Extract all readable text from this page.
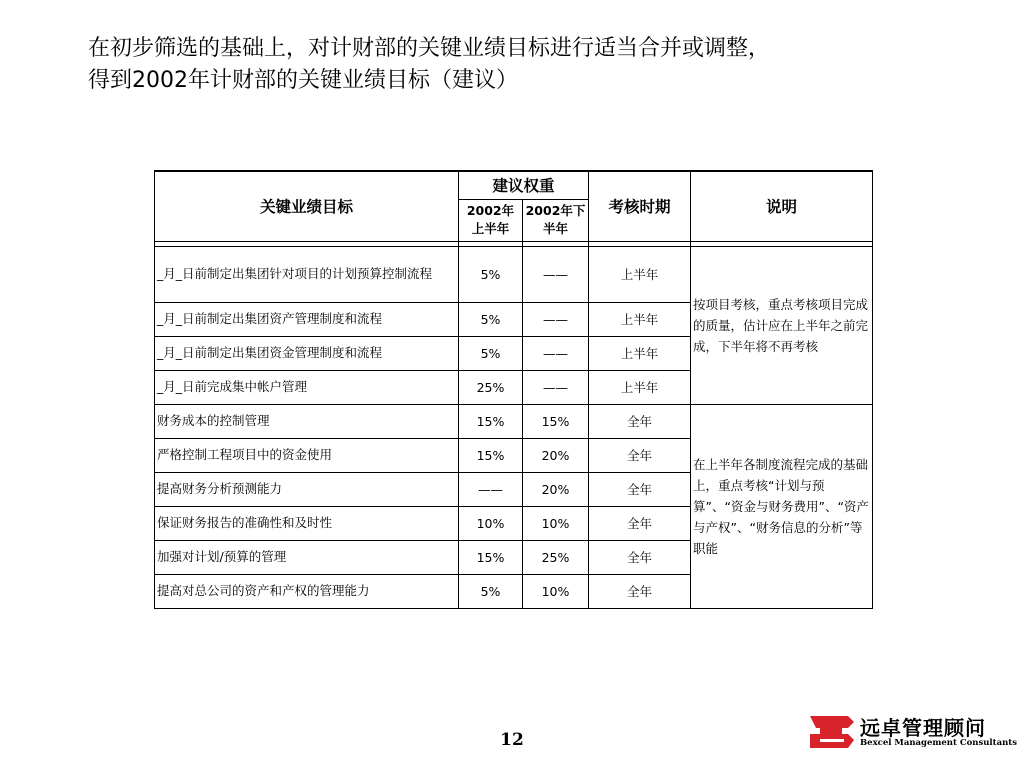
在初步筛选的基础上，对计财部的关键业绩目标进行适当合并或调整，
得到2002年计财部的关键业绩目标（建议）
关键业绩目标	建议权重		考核时期	说明
	2002年上半年	2002年下半年		

_月_日前制定出集团针对项目的计划预算控制流程	5%	——	上半年	按项目考核，重点考核项目完成的质量，估计应在上半年之前完成，下半年将不再考核
_月_日前制定出集团资产管理制度和流程	5%	——	上半年	
_月_日前制定出集团资金管理制度和流程	5%	——	上半年	
_月_日前完成集中帐户管理	25%	——	上半年	
财务成本的控制管理	15%	15%	全年	在上半年各制度流程完成的基础上，重点考核“计划与预算”、“资金与财务费用”、“资产与产权”、“财务信息的分析”等职能
严格控制工程项目中的资金使用	15%	20%	全年	
提高财务分析预测能力	——	20%	全年	
保证财务报告的准确性和及时性	10%	10%	全年	
加强对计划/预算的管理	15%	25%	全年	
提高对总公司的资产和产权的管理能力	5%	10%	全年	
12	远卓管理顾问
Bexcel Management Consultants
